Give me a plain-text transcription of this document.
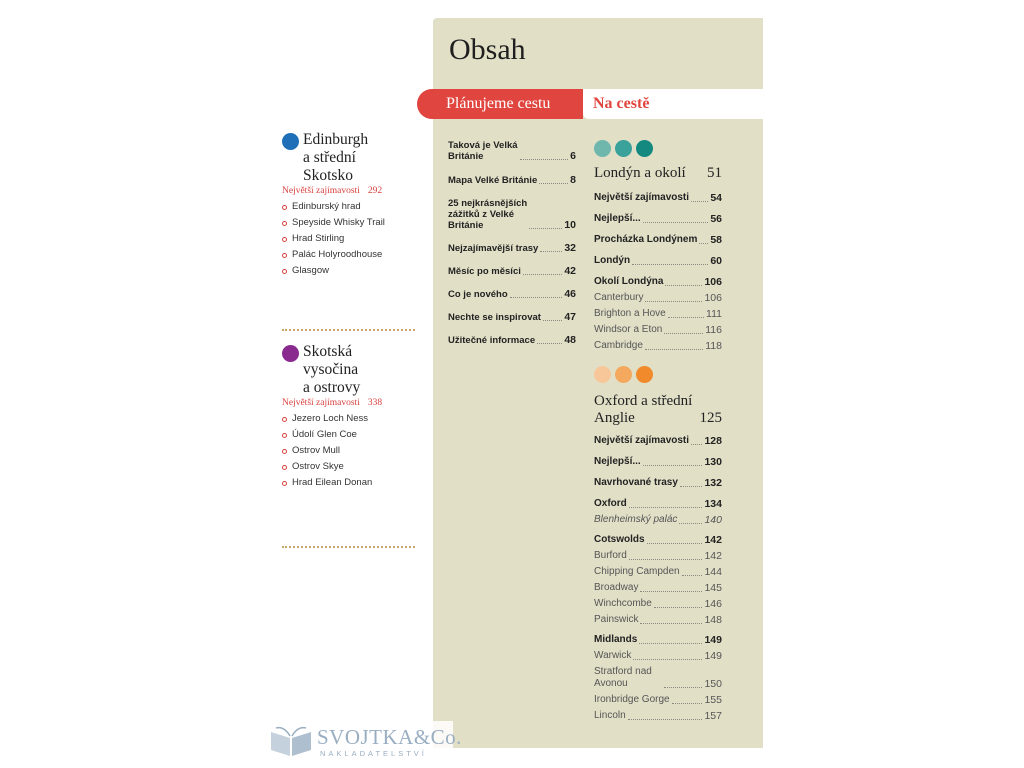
Edinburgh
a střední
Skotsko
Největší zajímavosti 292
Edinburský hrad
Speyside Whisky Trail
Hrad Stirling
Palác Holyroodhouse
Glasgow
Skotská
vysočina
a ostrovy
Největší zajímavosti 338
Jezero Loch Ness
Údolí Glen Coe
Ostrov Mull
Ostrov Skye
Hrad Eilean Donan
Obsah
Plánujeme cestu	Na cestě
Taková je Velká
Británie	6
Mapa Velké Británie	8
25 nejkrásnějších
zážitků z Velké
Británie	10
Nejzajímavější trasy 32
Měsíc po měsíci	42
Co je nového	46
Nechte se inspirovat 47
Užitečné informace	48
Londýn a okolí 51
Největší zajímavosti 54
Nejlepší...	56
Procházka Londýnem 58
Londýn	60
Okolí Londýna	106
Canterbury	106
Brighton a Hove	111
Windsor a Eton	116
Cambridge	118
Oxford a střední
Anglie	125
Největší zajímavosti 128
Nejlepší...	130
Navrhované trasy	132
Oxford	134
Blenheimský palác	140
Cotswolds	142
Burford	142
Chipping Campden 144
Broadway	145
Winchcombe	146
Painswick	148
Midlands	149
Warwick	149
Stratford nad Avonou	150
Ironbridge Gorge	155
Lincoln	157
SVOJTKA&Co.
NAKLADATELSTVÍ
